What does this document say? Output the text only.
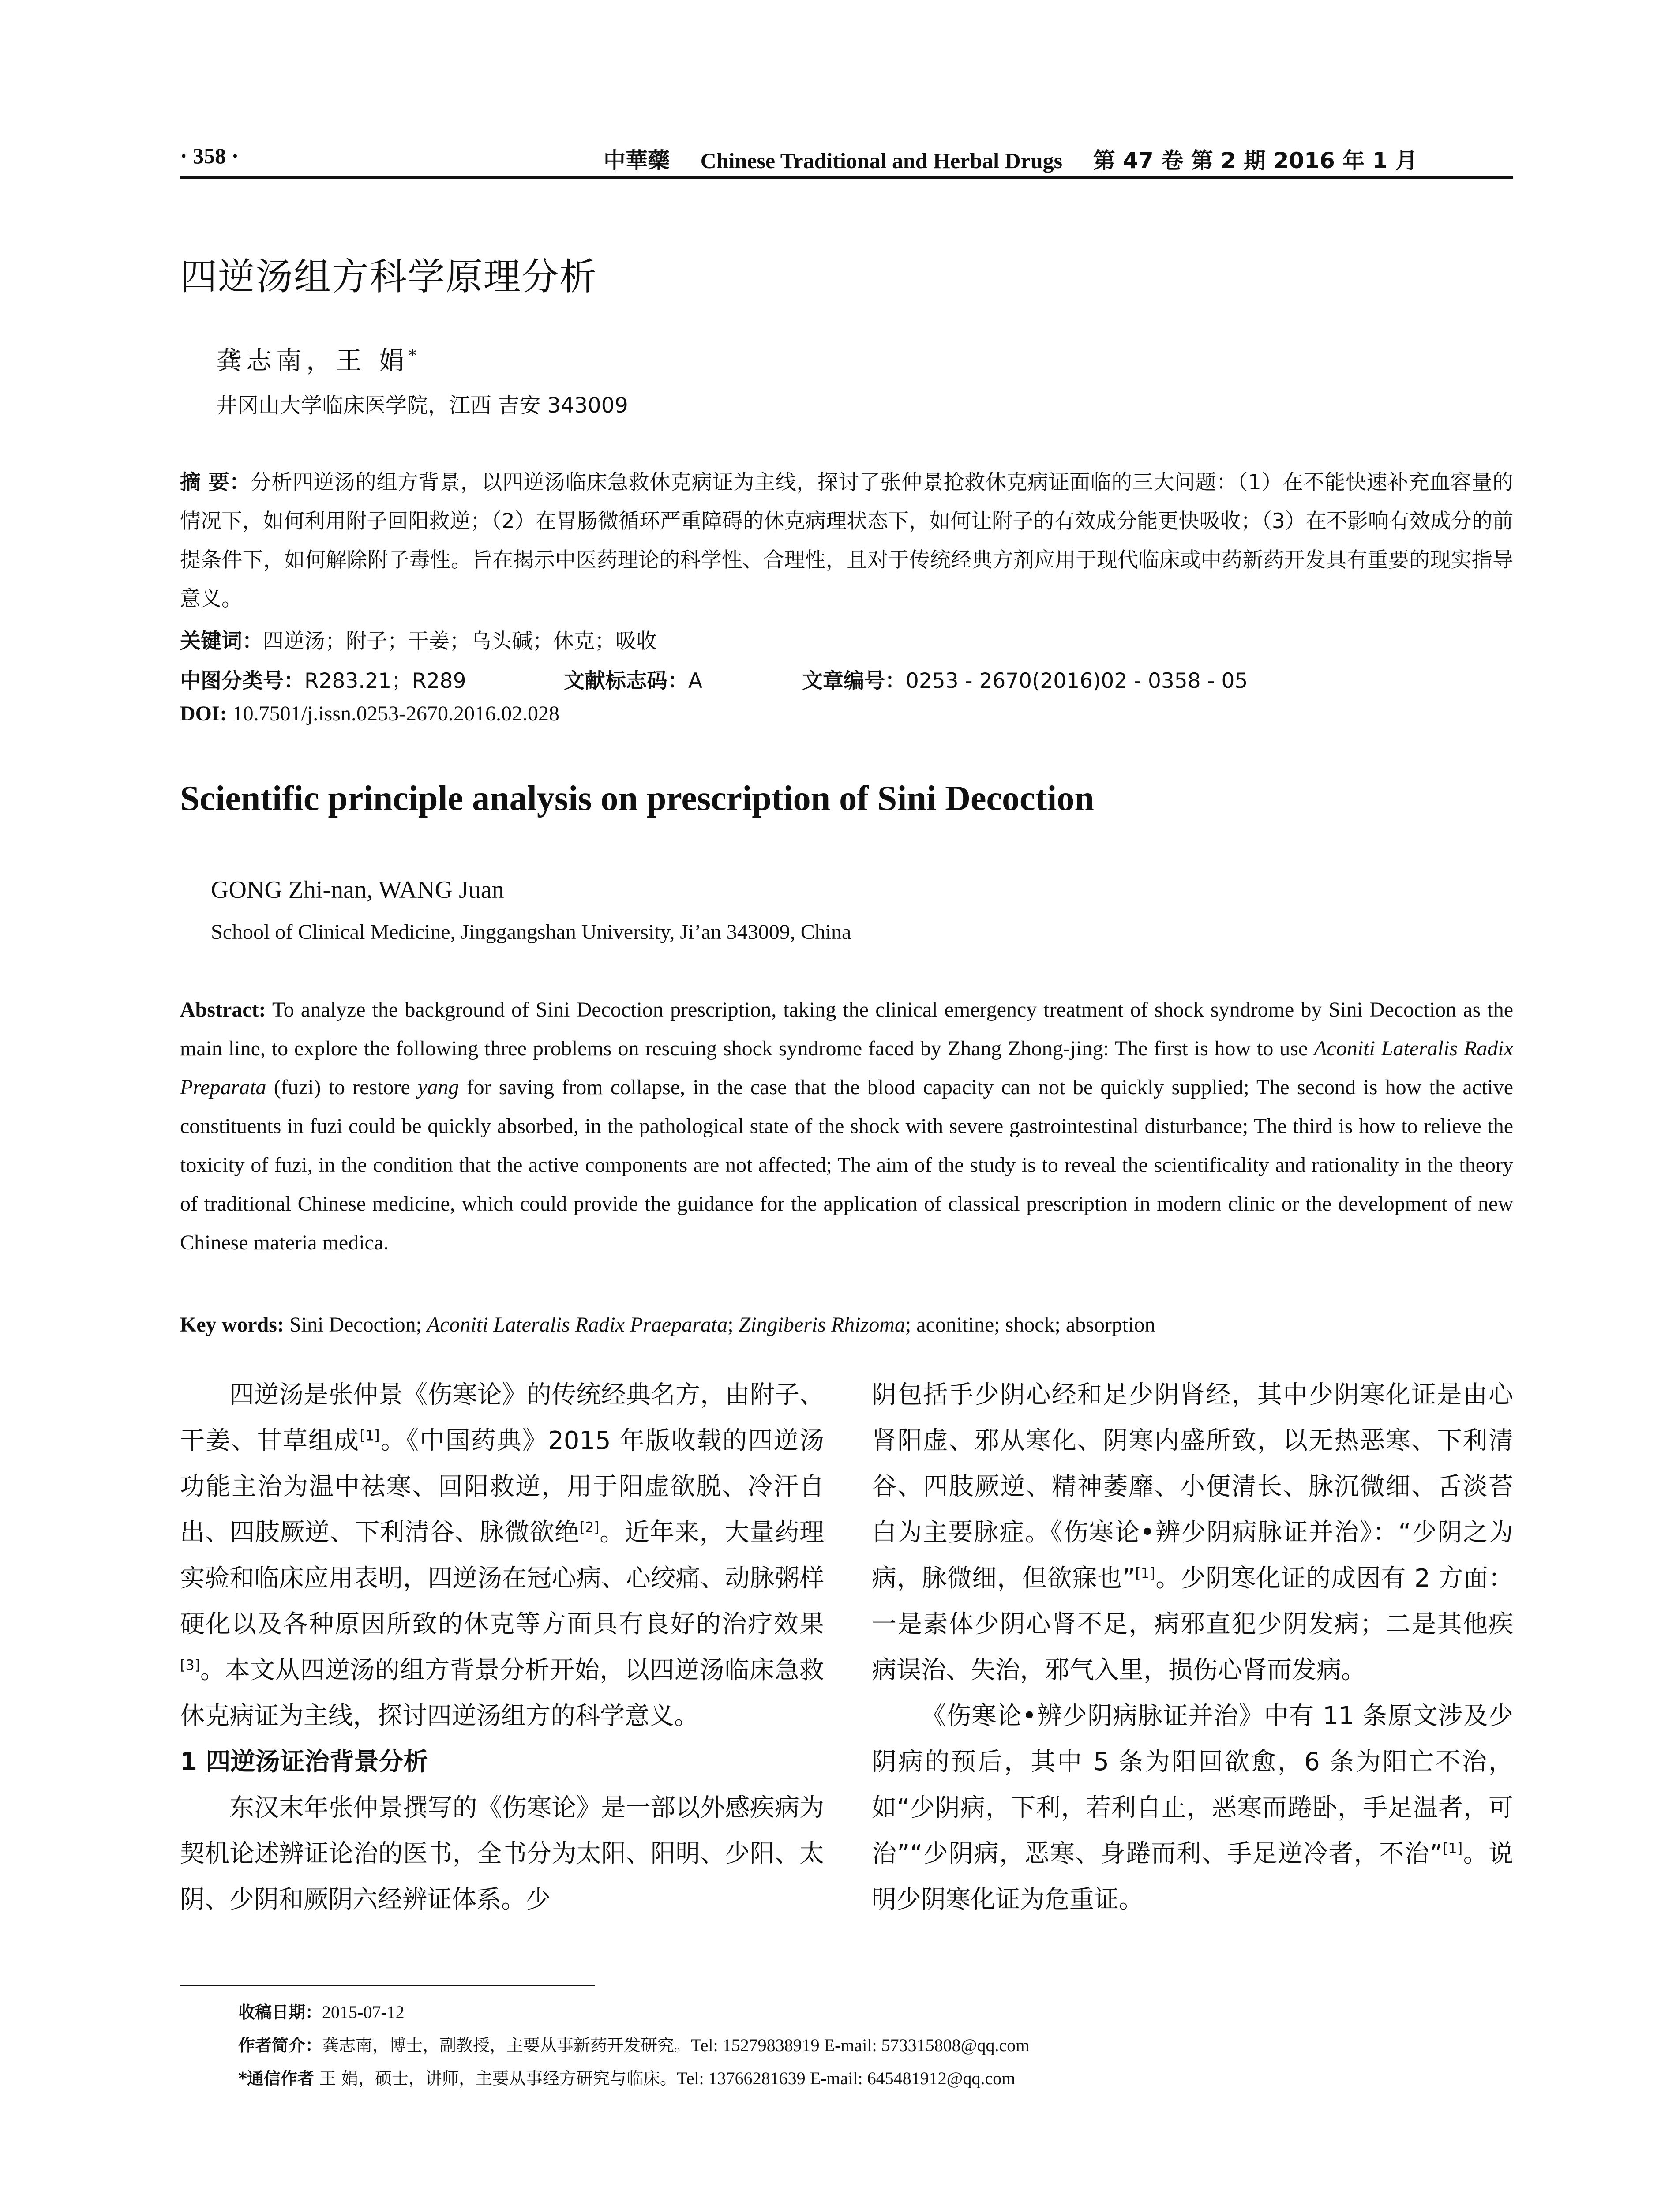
· 358 ·	中華藥 Chinese Traditional and Herbal Drugs 第 47 卷 第 2 期 2016 年 1 月
四逆汤组方科学原理分析
龚志南，王 娟*
井冈山大学临床医学院，江西 吉安 343009
摘 要：分析四逆汤的组方背景，以四逆汤临床急救休克病证为主线，探讨了张仲景抢救休克病证面临的三大问题：（1）在不能快速补充血容量的情况下，如何利用附子回阳救逆；（2）在胃肠微循环严重障碍的休克病理状态下，如何让附子的有效成分能更快吸收；（3）在不影响有效成分的前提条件下，如何解除附子毒性。旨在揭示中医药理论的科学性、合理性，且对于传统经典方剂应用于现代临床或中药新药开发具有重要的现实指导意义。
关键词：四逆汤；附子；干姜；乌头碱；休克；吸收
中图分类号：R283.21；R289	文献标志码：A	文章编号：0253 - 2670(2016)02 - 0358 - 05
DOI: 10.7501/j.issn.0253-2670.2016.02.028
Scientific principle analysis on prescription of Sini Decoction
GONG Zhi-nan, WANG Juan
School of Clinical Medicine, Jinggangshan University, Ji’an 343009, China
Abstract: To analyze the background of Sini Decoction prescription, taking the clinical emergency treatment of shock syndrome by Sini Decoction as the main line, to explore the following three problems on rescuing shock syndrome faced by Zhang Zhong-jing: The first is how to use Aconiti Lateralis Radix Preparata (fuzi) to restore yang for saving from collapse, in the case that the blood capacity can not be quickly supplied; The second is how the active constituents in fuzi could be quickly absorbed, in the pathological state of the shock with severe gastrointestinal disturbance; The third is how to relieve the toxicity of fuzi, in the condition that the active components are not affected; The aim of the study is to reveal the scientificality and rationality in the theory of traditional Chinese medicine, which could provide the guidance for the application of classical prescription in modern clinic or the development of new Chinese materia medica.
Key words: Sini Decoction; Aconiti Lateralis Radix Praeparata; Zingiberis Rhizoma; aconitine; shock; absorption

四逆汤是张仲景《伤寒论》的传统经典名方，由附子、干姜、甘草组成[1]。《中国药典》2015 年版收载的四逆汤功能主治为温中祛寒、回阳救逆，用于阳虚欲脱、冷汗自出、四肢厥逆、下利清谷、脉微欲绝[2]。近年来，大量药理实验和临床应用表明，四逆汤在冠心病、心绞痛、动脉粥样硬化以及各种原因所致的休克等方面具有良好的治疗效果[3]。本文从四逆汤的组方背景分析开始，以四逆汤临床急救休克病证为主线，探讨四逆汤组方的科学意义。

1 四逆汤证治背景分析

东汉末年张仲景撰写的《伤寒论》是一部以外感疾病为契机论述辨证论治的医书，全书分为太阳、阳明、少阳、太阴、少阴和厥阴六经辨证体系。少

阴包括手少阴心经和足少阴肾经，其中少阴寒化证是由心肾阳虚、邪从寒化、阴寒内盛所致，以无热恶寒、下利清谷、四肢厥逆、精神萎靡、小便清长、脉沉微细、舌淡苔白为主要脉症。《伤寒论•辨少阴病脉证并治》：“少阴之为病，脉微细，但欲寐也”[1]。少阴寒化证的成因有 2 方面：一是素体少阴心肾不足，病邪直犯少阴发病；二是其他疾病误治、失治，邪气入里，损伤心肾而发病。

《伤寒论•辨少阴病脉证并治》中有 11 条原文涉及少阴病的预后，其中 5 条为阳回欲愈，6 条为阳亡不治，如“少阴病，下利，若利自止，恶寒而踡卧，手足温者，可治”“少阴病，恶寒、身踡而利、手足逆冷者，不治”[1]。说明少阴寒化证为危重证。

收稿日期：2015-07-12
作者简介：龚志南，博士，副教授，主要从事新药开发研究。Tel: 15279838919 E-mail: 573315808@qq.com
*通信作者 王 娟，硕士，讲师，主要从事经方研究与临床。Tel: 13766281639 E-mail: 645481912@qq.com
